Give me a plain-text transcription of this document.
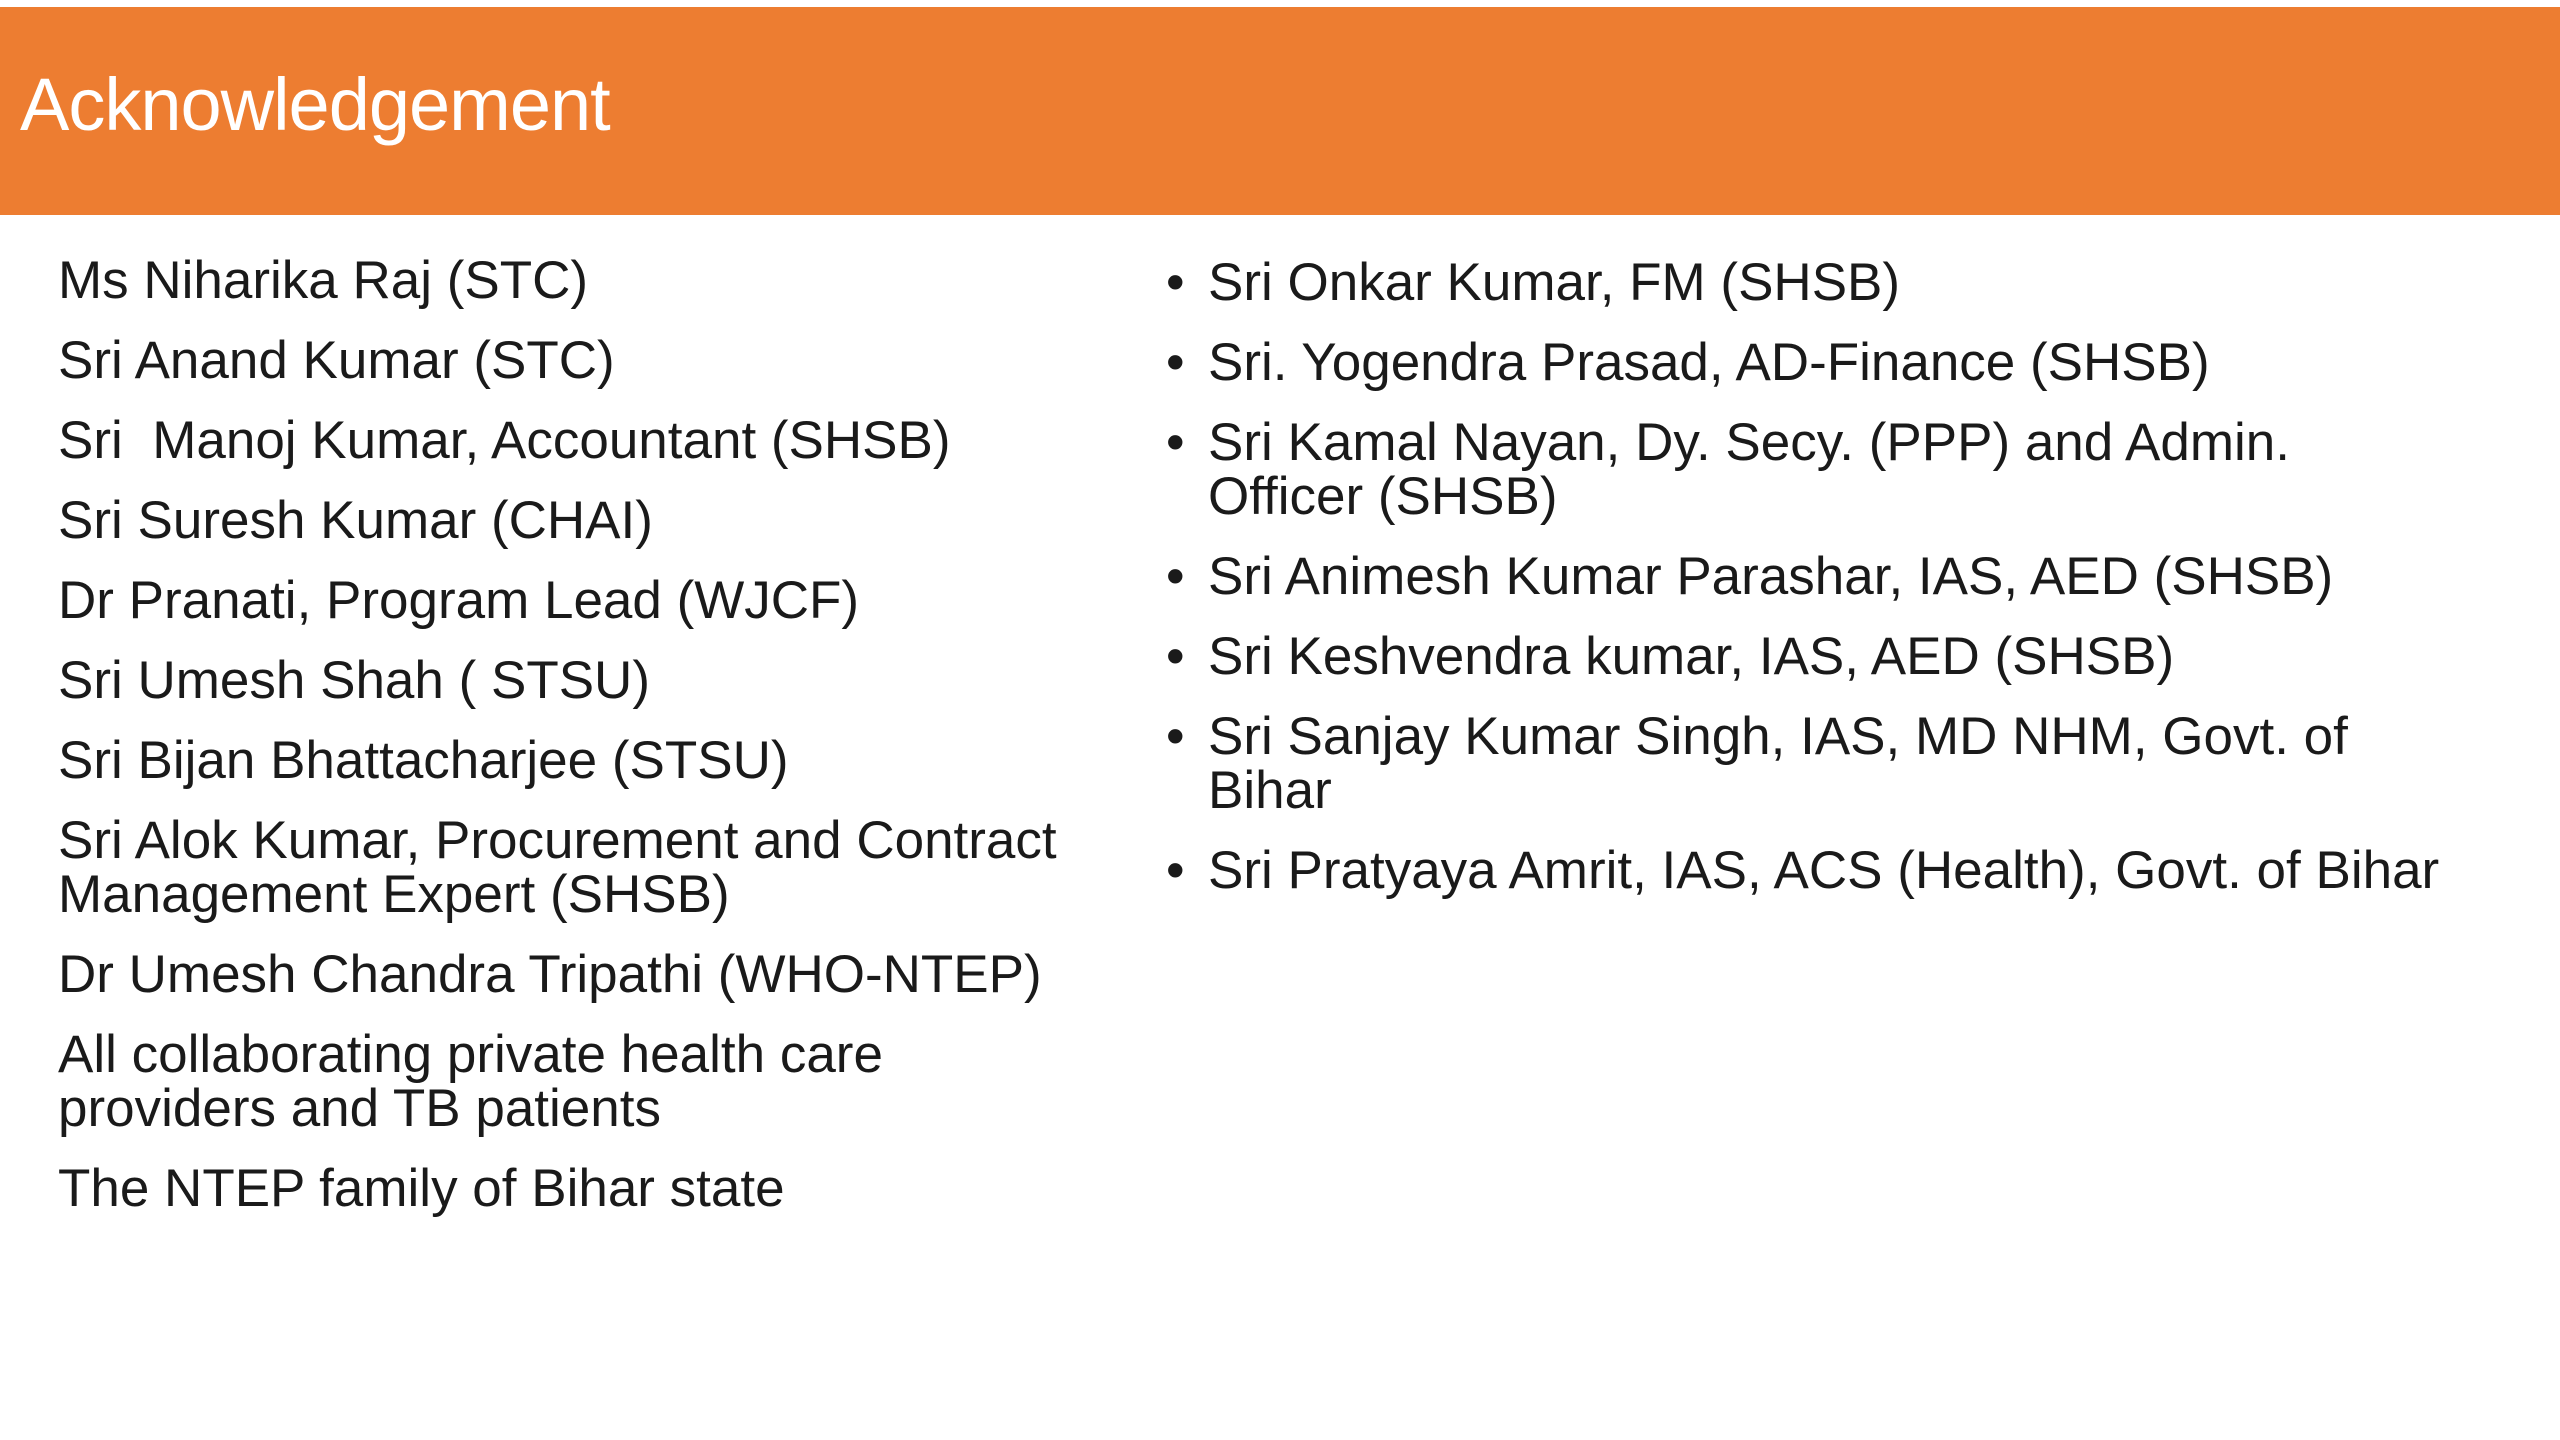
Acknowledgement
Ms Niharika Raj (STC)
Sri Anand Kumar (STC)
Sri  Manoj Kumar, Accountant (SHSB)
Sri Suresh Kumar (CHAI)
Dr Pranati, Program Lead (WJCF)
Sri Umesh Shah ( STSU)
Sri Bijan Bhattacharjee (STSU)
Sri Alok Kumar, Procurement and Contract Management Expert (SHSB)
Dr Umesh Chandra Tripathi (WHO-NTEP)
All collaborating private health care providers and TB patients
The NTEP family of Bihar state
• Sri Onkar Kumar, FM (SHSB)
• Sri. Yogendra Prasad, AD-Finance (SHSB)
• Sri Kamal Nayan, Dy. Secy. (PPP) and Admin. Officer (SHSB)
• Sri Animesh Kumar Parashar, IAS, AED (SHSB)
• Sri Keshvendra kumar, IAS, AED (SHSB)
• Sri Sanjay Kumar Singh, IAS, MD NHM, Govt. of Bihar
• Sri Pratyaya Amrit, IAS, ACS (Health), Govt. of Bihar
